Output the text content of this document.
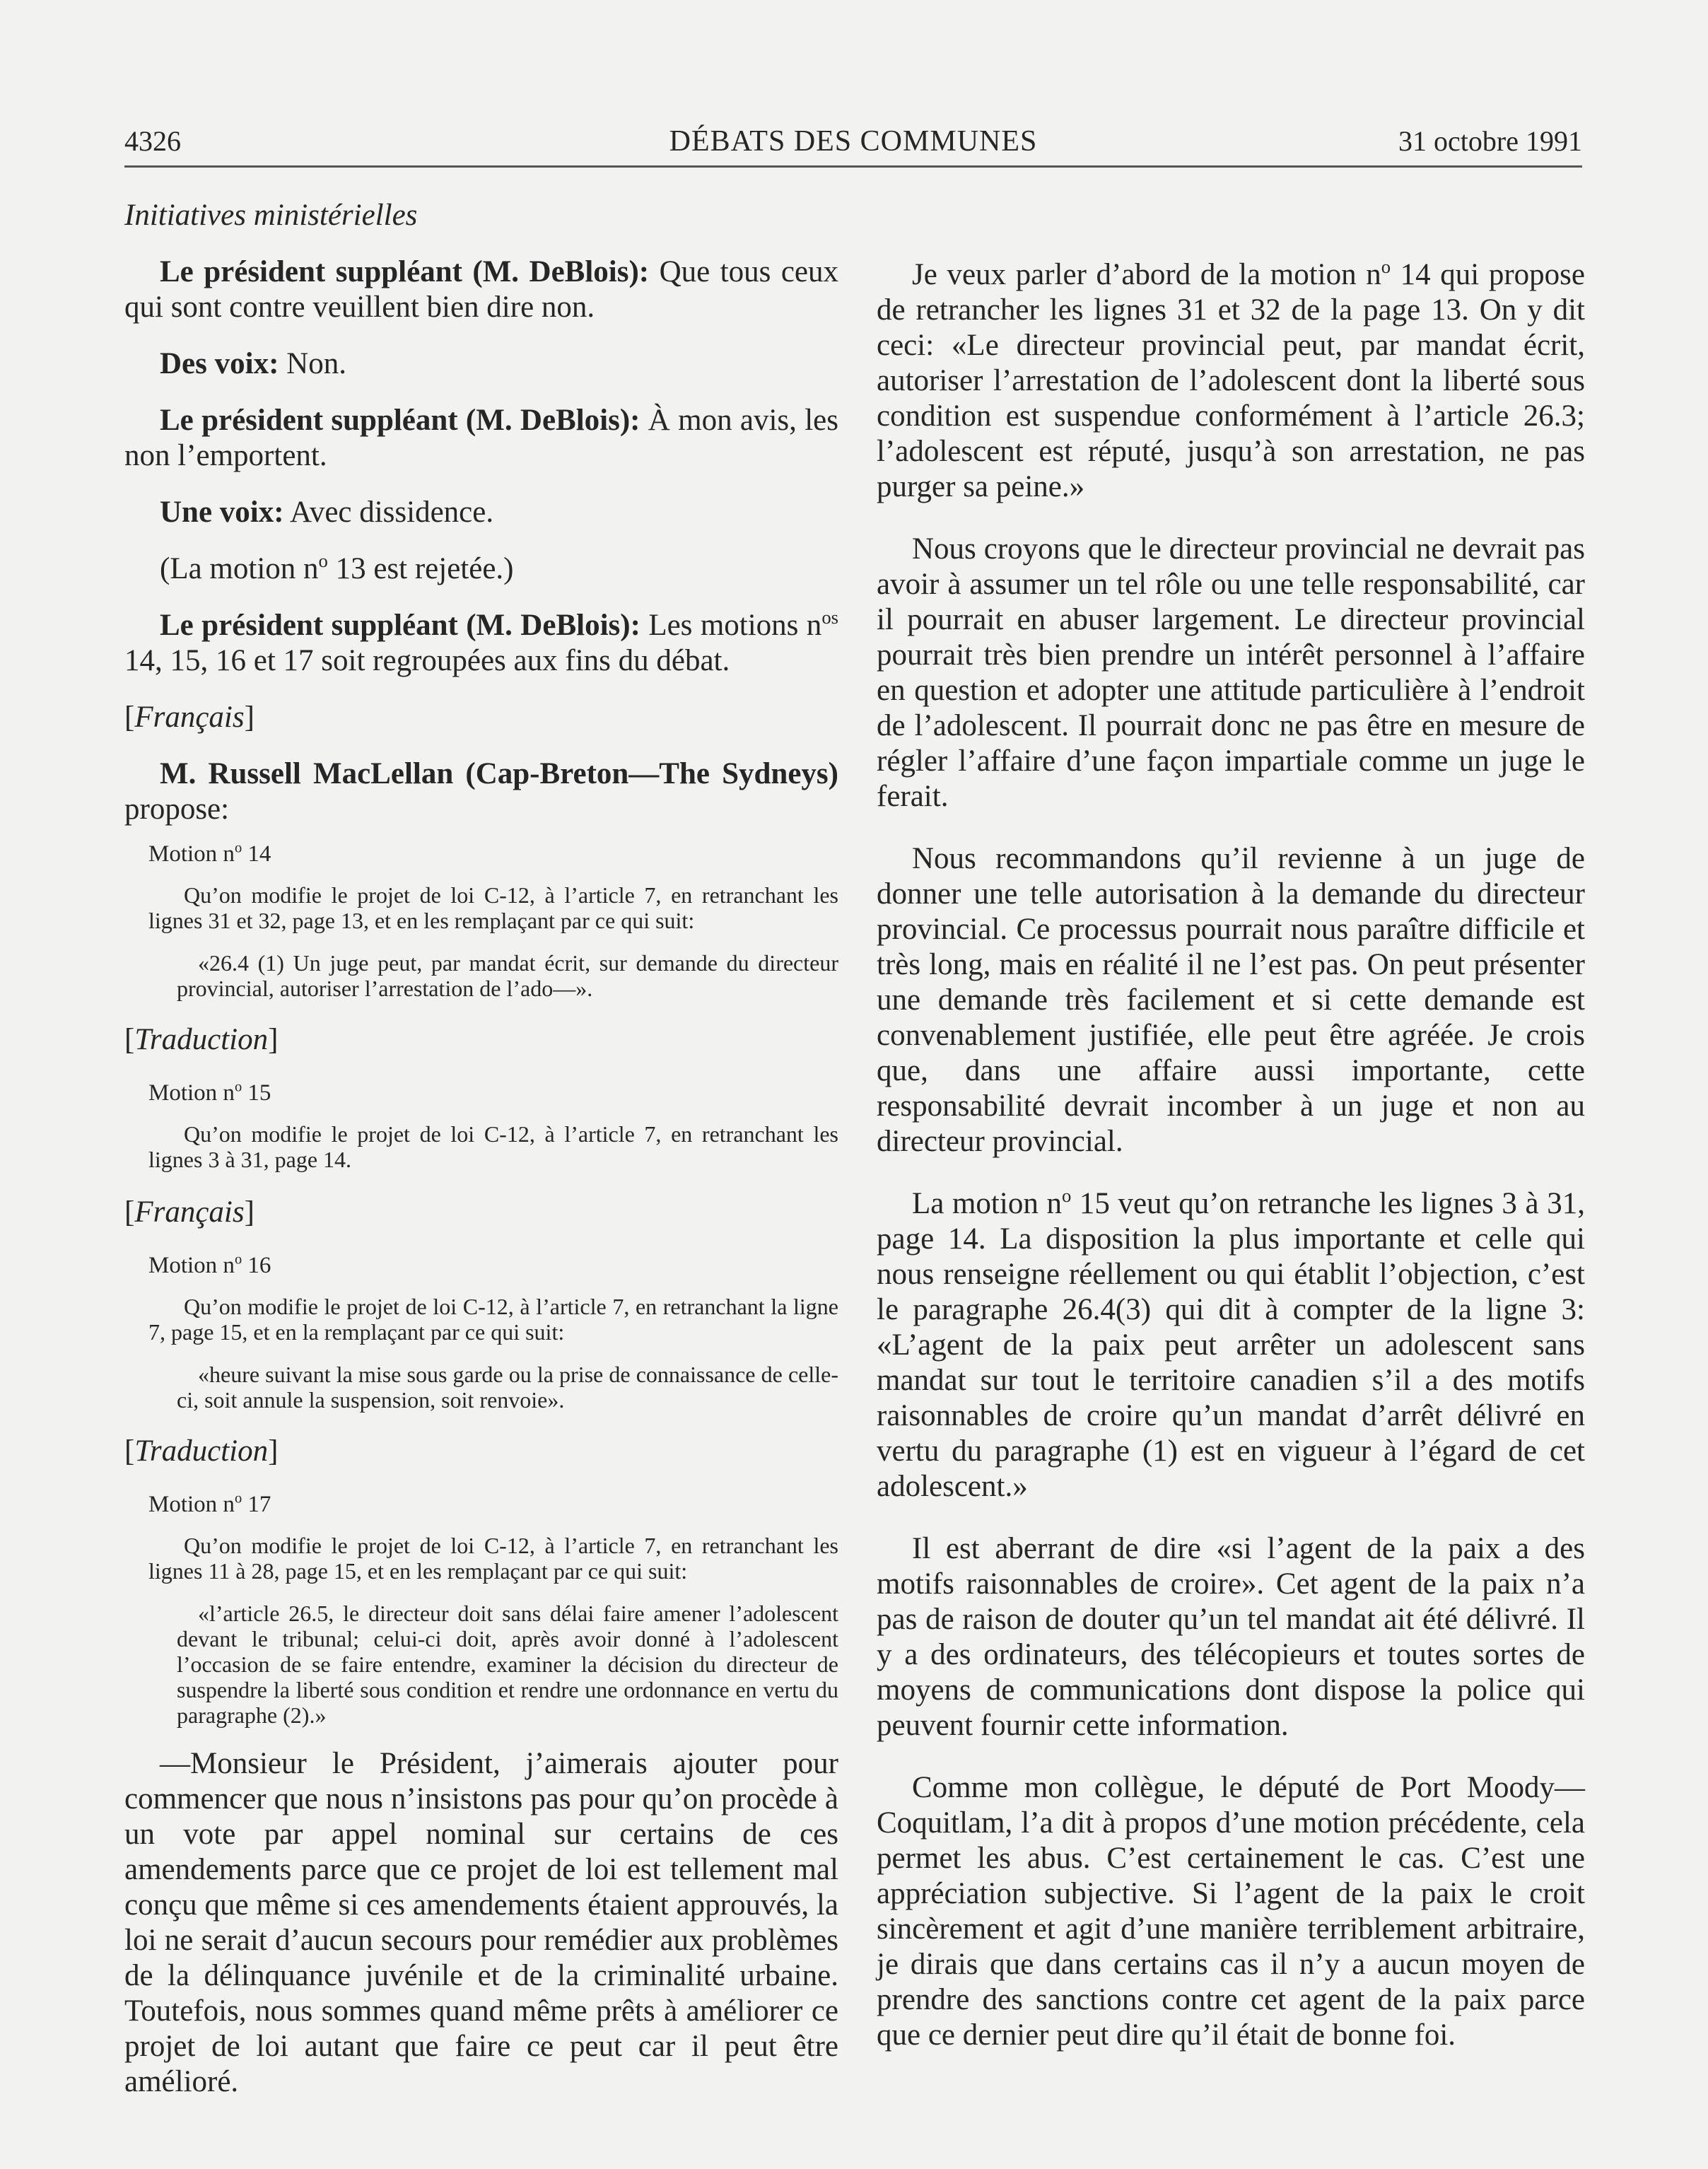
DÉBATS DES COMMUNES
4326	31 octobre 1991

Initiatives ministérielles

Le président suppléant (M. DeBlois): Que tous ceux qui sont contre veuillent bien dire non.

Des voix: Non.

Le président suppléant (M. DeBlois): À mon avis, les non l’emportent.

Une voix: Avec dissidence.

(La motion $n^o$ 13 est rejetée.)

Le président suppléant (M. DeBlois): Les motions $n^{os}$ 14, 15, 16 et 17 soit regroupées aux fins du débat.

[Français]

M. Russell MacLellan (Cap-Breton—The Sydneys) propose:

Motion $n^o$ 14

Qu’on modifie le projet de loi C-12, à l’article 7, en retranchant les lignes 31 et 32, page 13, et en les remplaçant par ce qui suit:

«26.4 (1) Un juge peut, par mandat écrit, sur demande du directeur provincial, autoriser l’arrestation de l’ado—».

[Traduction]

Motion $n^o$ 15

Qu’on modifie le projet de loi C-12, à l’article 7, en retranchant les lignes 3 à 31, page 14.

[Français]

Motion $n^o$ 16

Qu’on modifie le projet de loi C-12, à l’article 7, en retranchant la ligne 7, page 15, et en la remplaçant par ce qui suit:

«heure suivant la mise sous garde ou la prise de connaissance de celle-ci, soit annule la suspension, soit renvoie».

[Traduction]

Motion $n^o$ 17

Qu’on modifie le projet de loi C-12, à l’article 7, en retranchant les lignes 11 à 28, page 15, et en les remplaçant par ce qui suit:

«l’article 26.5, le directeur doit sans délai faire amener l’adolescent devant le tribunal; celui-ci doit, après avoir donné à l’adolescent l’occasion de se faire entendre, examiner la décision du directeur de suspendre la liberté sous condition et rendre une ordonnance en vertu du paragraphe (2).»

—Monsieur le Président, j’aimerais ajouter pour commencer que nous n’insistons pas pour qu’on procède à un vote par appel nominal sur certains de ces amendements parce que ce projet de loi est tellement mal conçu que même si ces amendements étaient approuvés, la loi ne serait d’aucun secours pour remédier aux problèmes de la délinquance juvénile et de la criminalité urbaine. Toutefois, nous sommes quand même prêts à améliorer ce projet de loi autant que faire ce peut car il peut être amélioré.

Je veux parler d’abord de la motion $n^o$ 14 qui propose de retrancher les lignes 31 et 32 de la page 13. On y dit ceci: «Le directeur provincial peut, par mandat écrit, autoriser l’arrestation de l’adolescent dont la liberté sous condition est suspendue conformément à l’article 26.3; l’adolescent est réputé, jusqu’à son arrestation, ne pas purger sa peine.»

Nous croyons que le directeur provincial ne devrait pas avoir à assumer un tel rôle ou une telle responsabilité, car il pourrait en abuser largement. Le directeur provincial pourrait très bien prendre un intérêt personnel à l’affaire en question et adopter une attitude particulière à l’endroit de l’adolescent. Il pourrait donc ne pas être en mesure de régler l’affaire d’une façon impartiale comme un juge le ferait.

Nous recommandons qu’il revienne à un juge de donner une telle autorisation à la demande du directeur provincial. Ce processus pourrait nous paraître difficile et très long, mais en réalité il ne l’est pas. On peut présenter une demande très facilement et si cette demande est convenablement justifiée, elle peut être agréée. Je crois que, dans une affaire aussi importante, cette responsabilité devrait incomber à un juge et non au directeur provincial.

La motion $n^o$ 15 veut qu’on retranche les lignes 3 à 31, page 14. La disposition la plus importante et celle qui nous renseigne réellement ou qui établit l’objection, c’est le paragraphe 26.4(3) qui dit à compter de la ligne 3: «L’agent de la paix peut arrêter un adolescent sans mandat sur tout le territoire canadien s’il a des motifs raisonnables de croire qu’un mandat d’arrêt délivré en vertu du paragraphe (1) est en vigueur à l’égard de cet adolescent.»

Il est aberrant de dire «si l’agent de la paix a des motifs raisonnables de croire». Cet agent de la paix n’a pas de raison de douter qu’un tel mandat ait été délivré. Il y a des ordinateurs, des télécopieurs et toutes sortes de moyens de communications dont dispose la police qui peuvent fournir cette information.

Comme mon collègue, le député de Port Moody—Coquitlam, l’a dit à propos d’une motion précédente, cela permet les abus. C’est certainement le cas. C’est une appréciation subjective. Si l’agent de la paix le croit sincèrement et agit d’une manière terriblement arbitraire, je dirais que dans certains cas il n’y a aucun moyen de prendre des sanctions contre cet agent de la paix parce que ce dernier peut dire qu’il était de bonne foi.
